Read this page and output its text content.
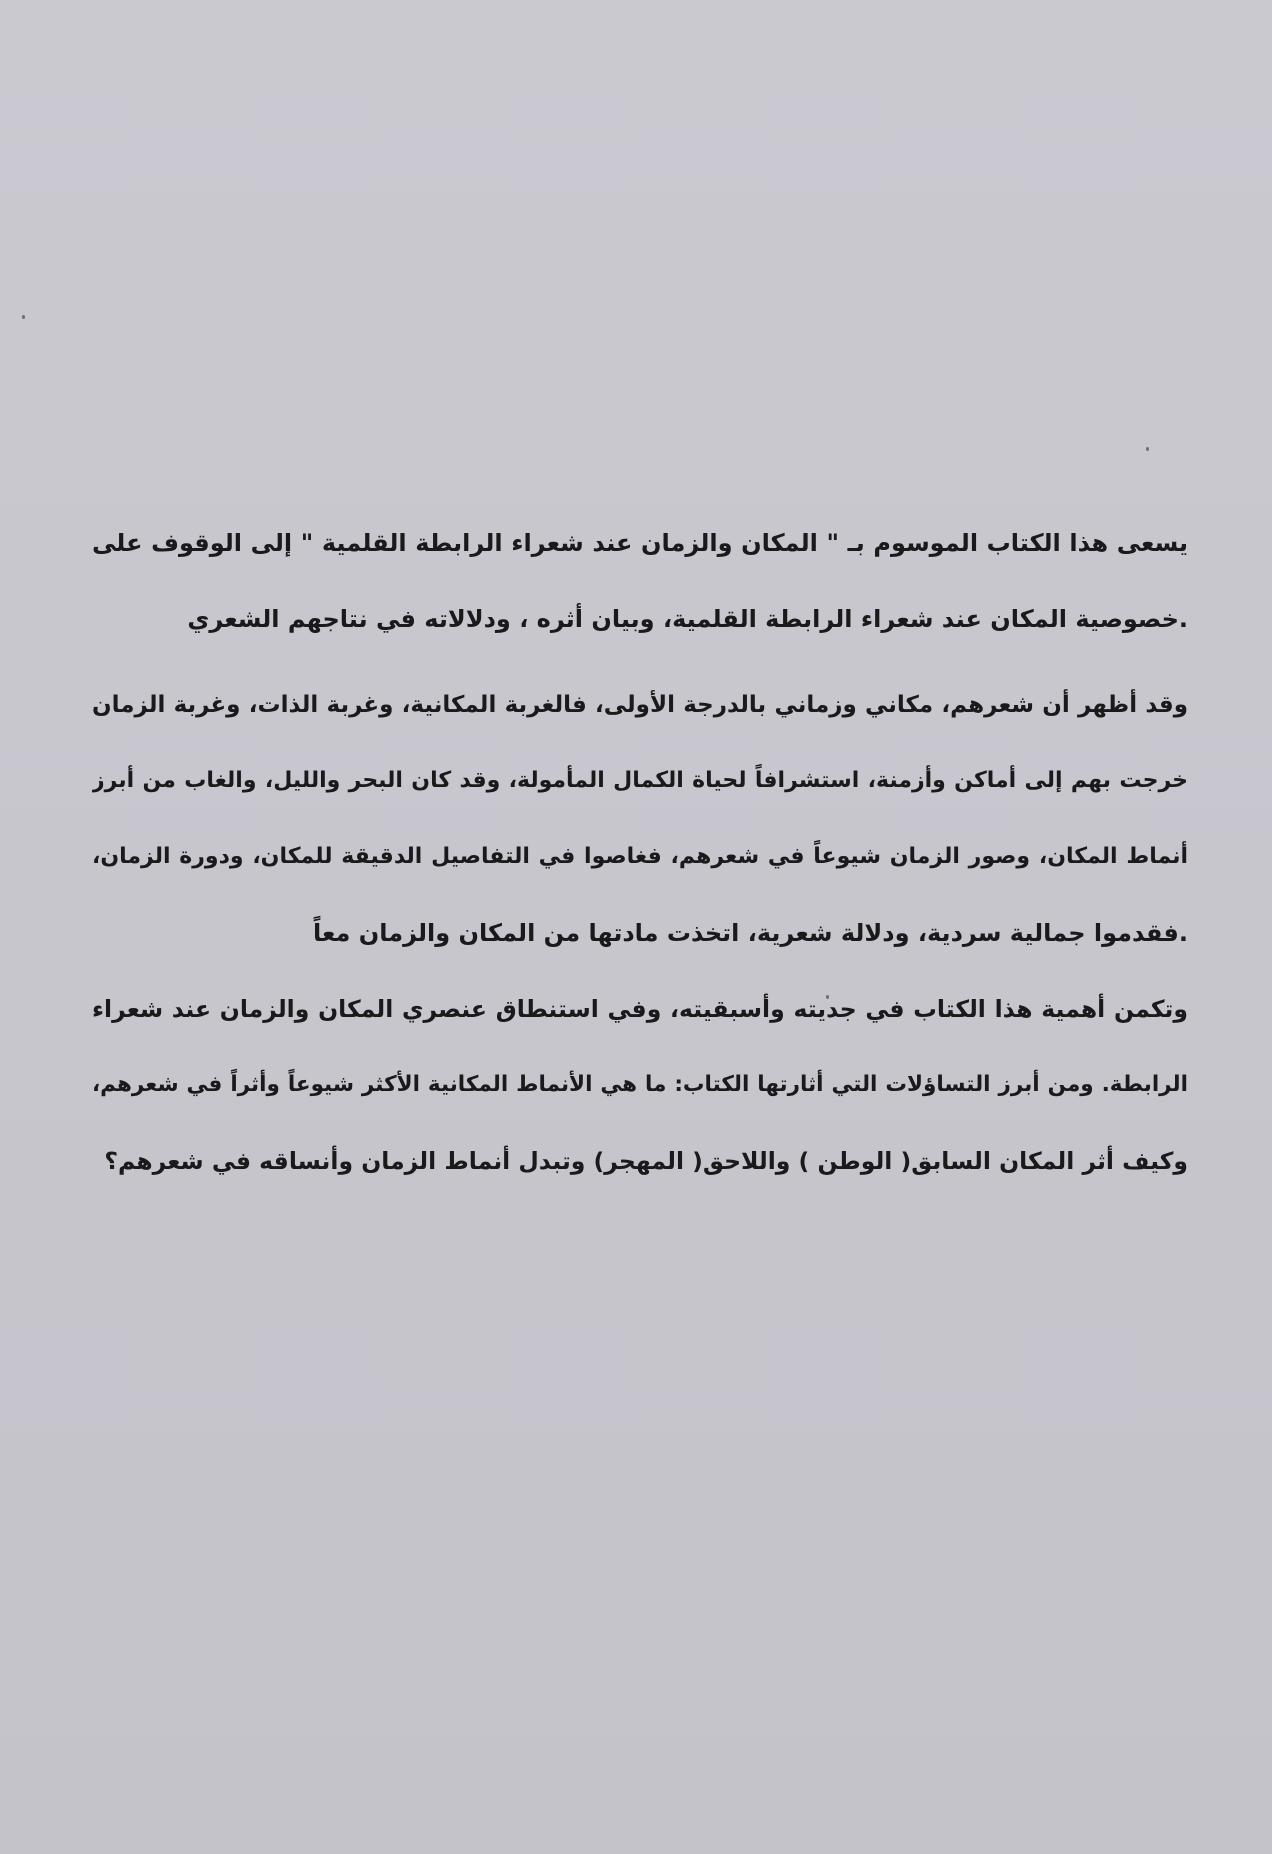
يسعى هذا الكتاب الموسوم بـ " المكان والزمان عند شعراء الرابطة القلمية " إلى الوقوف على
.خصوصية المكان عند شعراء الرابطة القلمية، وبيان أثره ، ودلالاته في نتاجهم الشعري
وقد أظهر أن شعرهم، مكاني وزماني بالدرجة الأولى، فالغربة المكانية، وغربة الذات، وغربة الزمان
خرجت بهم إلى أماكن وأزمنة، استشرافاً لحياة الكمال المأمولة، وقد كان البحر والليل، والغاب من أبرز
أنماط المكان، وصور الزمان شيوعاً في شعرهم، فغاصوا في التفاصيل الدقيقة للمكان، ودورة الزمان،
.فقدموا جمالية سردية، ودلالة شعرية، اتخذت مادتها من المكان والزمان معاً
وتكمن أهمية هذا الكتاب في جديته وأسبقيته، وفي استنطاق عنصري المكان والزمان عند شعراء
الرابطة. ومن أبرز التساؤلات التي أثارتها الكتاب: ما هي الأنماط المكانية الأكثر شيوعاً وأثراً في شعرهم،
وكيف أثر المكان السابق( الوطن ) واللاحق( المهجر) وتبدل أنماط الزمان وأنساقه في شعرهم؟
